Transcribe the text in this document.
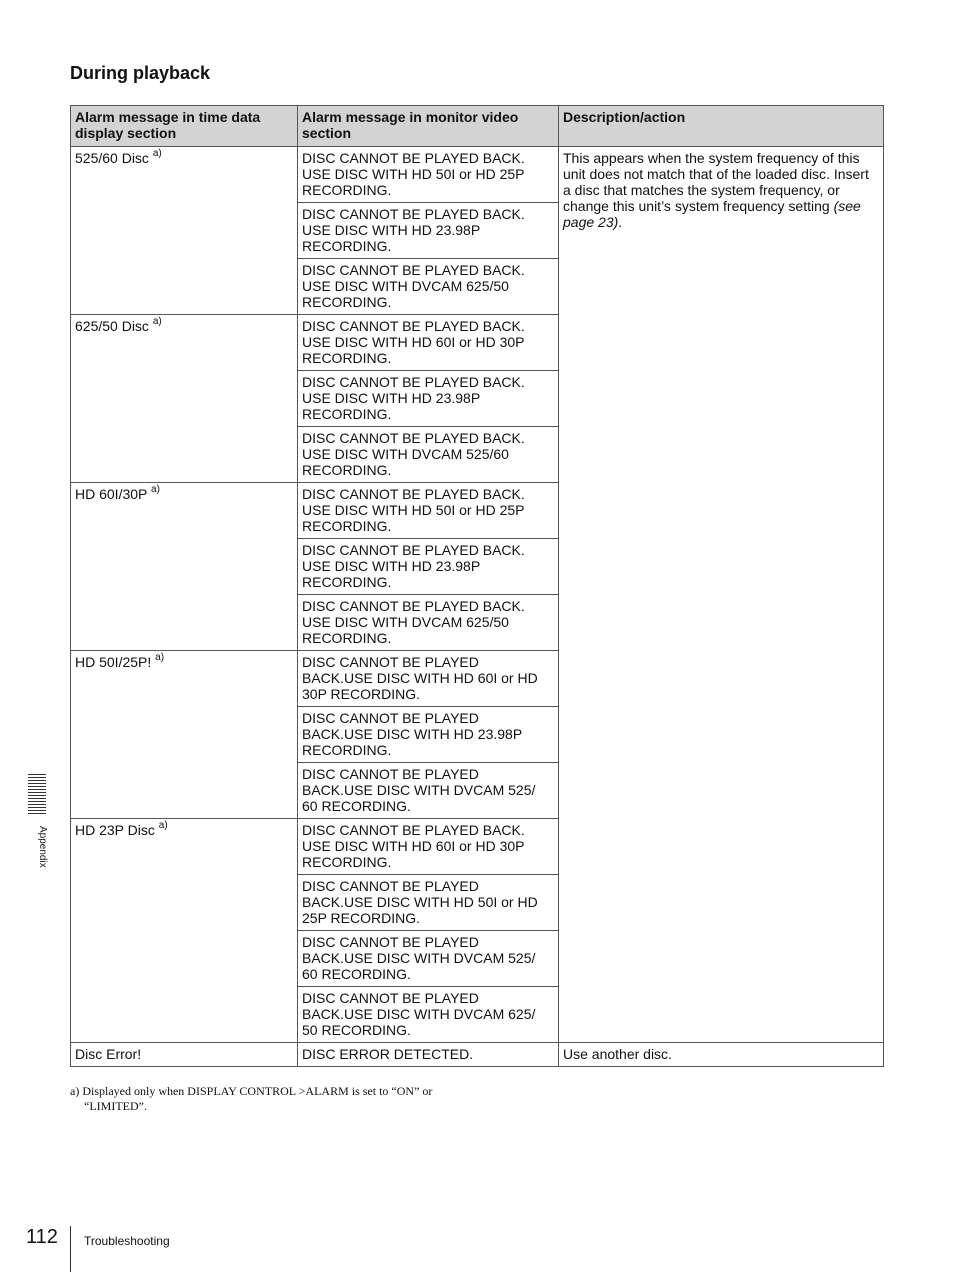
During playback
Alarm message in time data display section	Alarm message in monitor video section	Description/action
525/60 Disc $^{a)}$	DISC CANNOT BE PLAYED BACK. USE DISC WITH HD 50I or HD 25P RECORDING.	This appears when the system frequency of this unit does not match that of the loaded disc. Insert a disc that matches the system frequency, or change this unit’s system frequency setting (see page 23).
	DISC CANNOT BE PLAYED BACK. USE DISC WITH HD 23.98P RECORDING.	
	DISC CANNOT BE PLAYED BACK. USE DISC WITH DVCAM 625/50 RECORDING.	
625/50 Disc $^{a)}$	DISC CANNOT BE PLAYED BACK. USE DISC WITH HD 60I or HD 30P RECORDING.	
	DISC CANNOT BE PLAYED BACK. USE DISC WITH HD 23.98P RECORDING.	
	DISC CANNOT BE PLAYED BACK. USE DISC WITH DVCAM 525/60 RECORDING.	
HD 60I/30P $^{a)}$	DISC CANNOT BE PLAYED BACK. USE DISC WITH HD 50I or HD 25P RECORDING.	
	DISC CANNOT BE PLAYED BACK. USE DISC WITH HD 23.98P RECORDING.	
	DISC CANNOT BE PLAYED BACK. USE DISC WITH DVCAM 625/50 RECORDING.	
HD 50I/25P! $^{a)}$	DISC CANNOT BE PLAYED BACK.USE DISC WITH HD 60I or HD 30P RECORDING.	
	DISC CANNOT BE PLAYED BACK.USE DISC WITH HD 23.98P RECORDING.	
	DISC CANNOT BE PLAYED BACK.USE DISC WITH DVCAM 525/ 60 RECORDING.	
HD 23P Disc $^{a)}$	DISC CANNOT BE PLAYED BACK. USE DISC WITH HD 60I or HD 30P RECORDING.	
	DISC CANNOT BE PLAYED BACK.USE DISC WITH HD 50I or HD 25P RECORDING.	
	DISC CANNOT BE PLAYED BACK.USE DISC WITH DVCAM 525/ 60 RECORDING.	
	DISC CANNOT BE PLAYED BACK.USE DISC WITH DVCAM 625/ 50 RECORDING.	
Disc Error!	DISC ERROR DETECTED.	Use another disc.
a) Displayed only when DISPLAY CONTROL >ALARM is set to “ON” or
“LIMITED”.
Appendix
112 Troubleshooting
